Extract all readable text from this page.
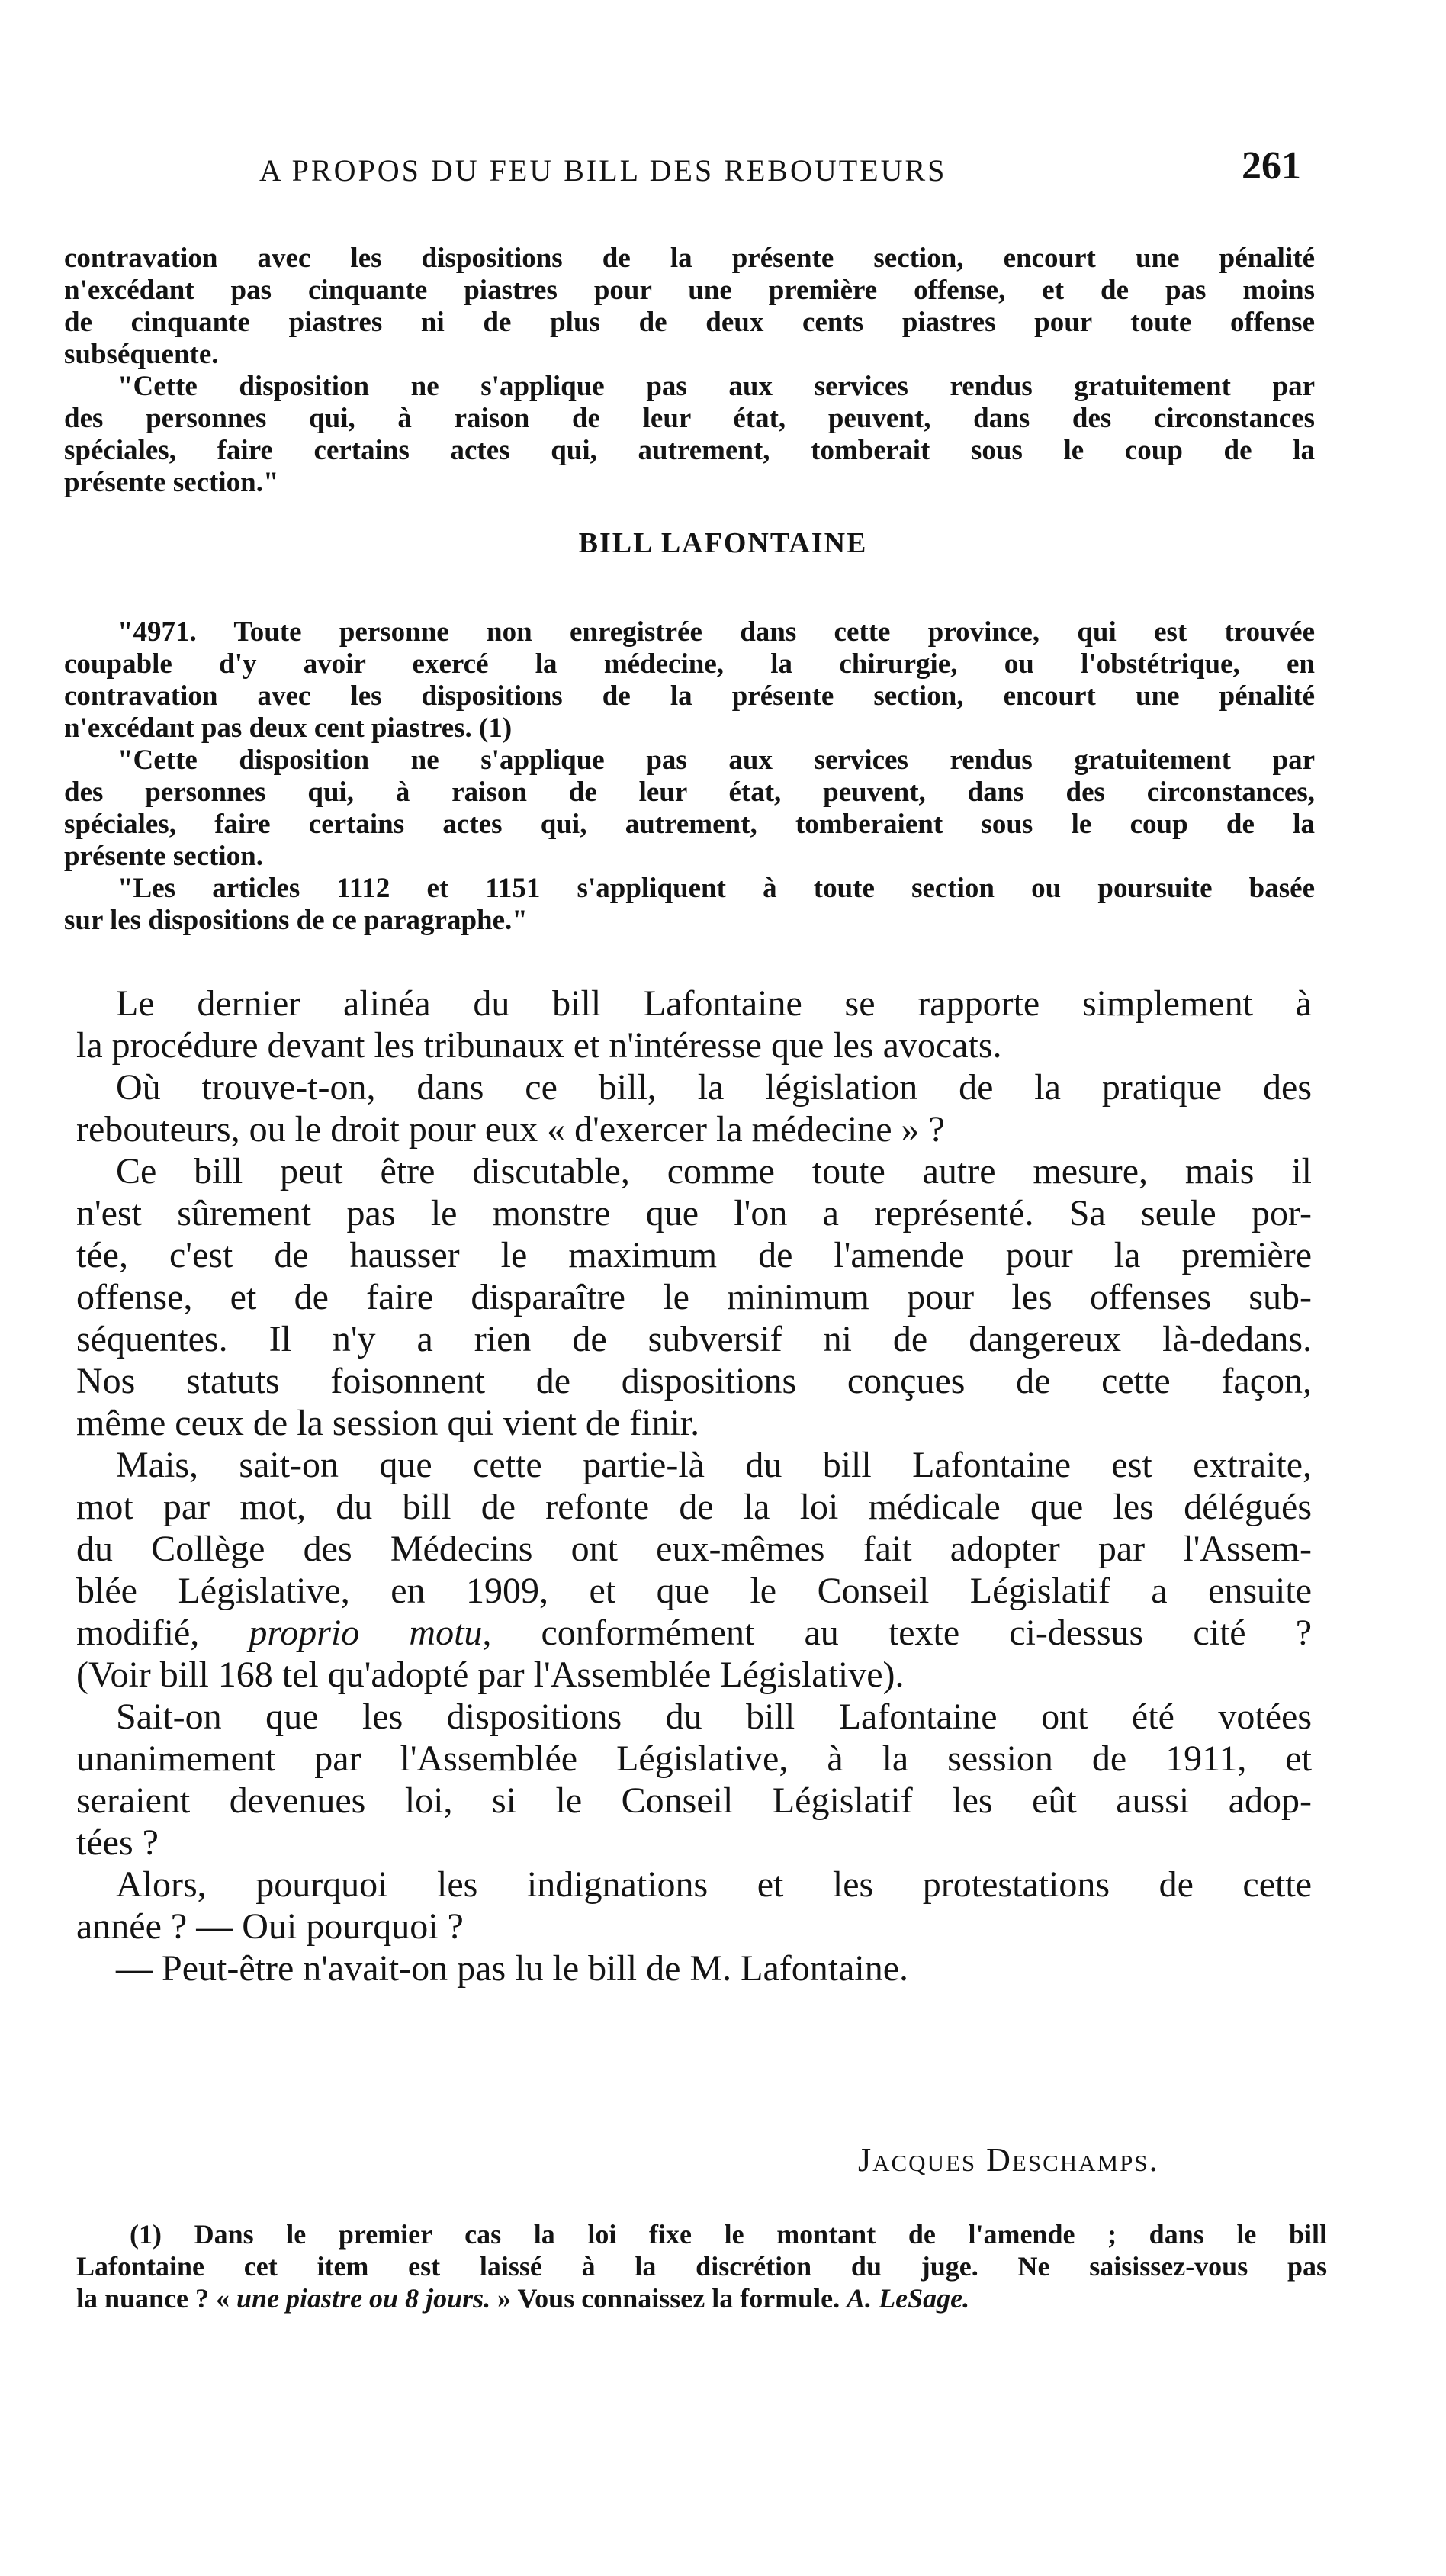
A PROPOS DU FEU BILL DES REBOUTEURS	261

contravation avec les dispositions de la présente section, encourt une pénalité

n'excédant pas cinquante piastres pour une première offense, et de pas moins

de cinquante piastres ni de plus de deux cents piastres pour toute offense

subséquente.

"Cette disposition ne s'applique pas aux services rendus gratuitement par

des personnes qui, à raison de leur état, peuvent, dans des circonstances

spéciales, faire certains actes qui, autrement, tomberait sous le coup de la

présente section."

BILL LAFONTAINE

"4971. Toute personne non enregistrée dans cette province, qui est trouvée

coupable d'y avoir exercé la médecine, la chirurgie, ou l'obstétrique, en

contravation avec les dispositions de la présente section, encourt une pénalité

n'excédant pas deux cent piastres. (1)

"Cette disposition ne s'applique pas aux services rendus gratuitement par

des personnes qui, à raison de leur état, peuvent, dans des circonstances,

spéciales, faire certains actes qui, autrement, tomberaient sous le coup de la

présente section.

"Les articles 1112 et 1151 s'appliquent à toute section ou poursuite basée

sur les dispositions de ce paragraphe."

Le dernier alinéa du bill Lafontaine se rapporte simplement à

la procédure devant les tribunaux et n'intéresse que les avocats.

Où trouve-t-on, dans ce bill, la législation de la pratique des

rebouteurs, ou le droit pour eux « d'exercer la médecine » ?

Ce bill peut être discutable, comme toute autre mesure, mais il

n'est sûrement pas le monstre que l'on a représenté. Sa seule por-

tée, c'est de hausser le maximum de l'amende pour la première

offense, et de faire disparaître le minimum pour les offenses sub-

séquentes. Il n'y a rien de subversif ni de dangereux là-dedans.

Nos statuts foisonnent de dispositions conçues de cette façon,

même ceux de la session qui vient de finir.

Mais, sait-on que cette partie-là du bill Lafontaine est extraite,

mot par mot, du bill de refonte de la loi médicale que les délégués

du Collège des Médecins ont eux-mêmes fait adopter par l'Assem-

blée Législative, en 1909, et que le Conseil Législatif a ensuite

modifié, proprio motu, conformément au texte ci-dessus cité ?

(Voir bill 168 tel qu'adopté par l'Assemblée Législative).

Sait-on que les dispositions du bill Lafontaine ont été votées

unanimement par l'Assemblée Législative, à la session de 1911, et

seraient devenues loi, si le Conseil Législatif les eût aussi adop-

tées ?

Alors, pourquoi les indignations et les protestations de cette

année ? — Oui pourquoi ?

— Peut-être n'avait-on pas lu le bill de M. Lafontaine.

Jacques Deschamps.

(1) Dans le premier cas la loi fixe le montant de l'amende ; dans le bill

Lafontaine cet item est laissé à la discrétion du juge. Ne saisissez-vous pas

la nuance ? « une piastre ou 8 jours. » Vous connaissez la formule. A. LeSage.
